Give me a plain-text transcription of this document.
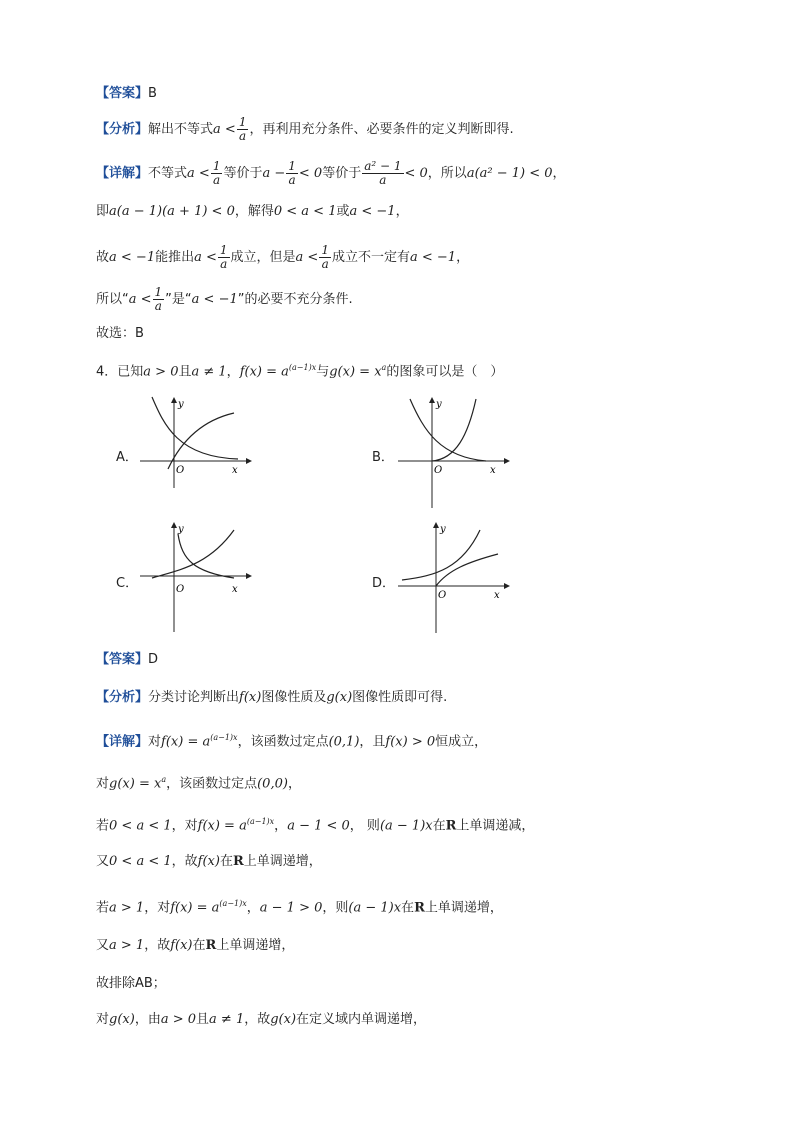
【答案】B
【分析】解出不等式$a < \frac{1}{a}$ ，再利用充分条件、必要条件的定义判断即得.
【详解】不等式$a < \frac{1}{a}$ 等价于$a - \frac{1}{a} < 0$等价于 $\frac{\text{a² − 1}}{a} < 0$，所以a(a² − 1) < 0，
即a(a − 1)(a + 1) < 0，解得0 < a < 1或a < −1，
故a < −1能推出$a < \frac{1}{a}$ 成立，但是$a < \frac{1}{a}$ 成立不一定有a < −1，
所以“$a < \frac{1}{a}$ ”是“a < −1”的必要不充分条件.
故选：B
4．已知a > 0且a ≠ 1，$f(x) = a^{(a-1)x}$与$g(x) = x^a$的图象可以是（　）
A．
y
x
O
B．
y
x
O
C．
y
x
O	D．
y
x
O
【答案】D
【分析】分类讨论判断出f(x)图像性质及g(x)图像性质即可得.
【详解】对$f(x) = a^{(a-1)x}$，该函数过定点(0,1)，且f(x) > 0恒成立，
对$g(x) = x^a$，该函数过定点(0,0)，
若0 < a < 1，对$f(x) = a^{(a-1)x}$，a − 1 < 0， 则(a − 1)x在R上单调递减，
又0 < a < 1，故f(x)在R上单调递增，
若a > 1，对$f(x) = a^{(a-1)x}$，a − 1 > 0，则(a − 1)x在R上单调递增，
又a > 1，故f(x)在R上单调递增，
故排除AB；
对g(x)，由a > 0且a ≠ 1，故g(x)在定义域内单调递增，
